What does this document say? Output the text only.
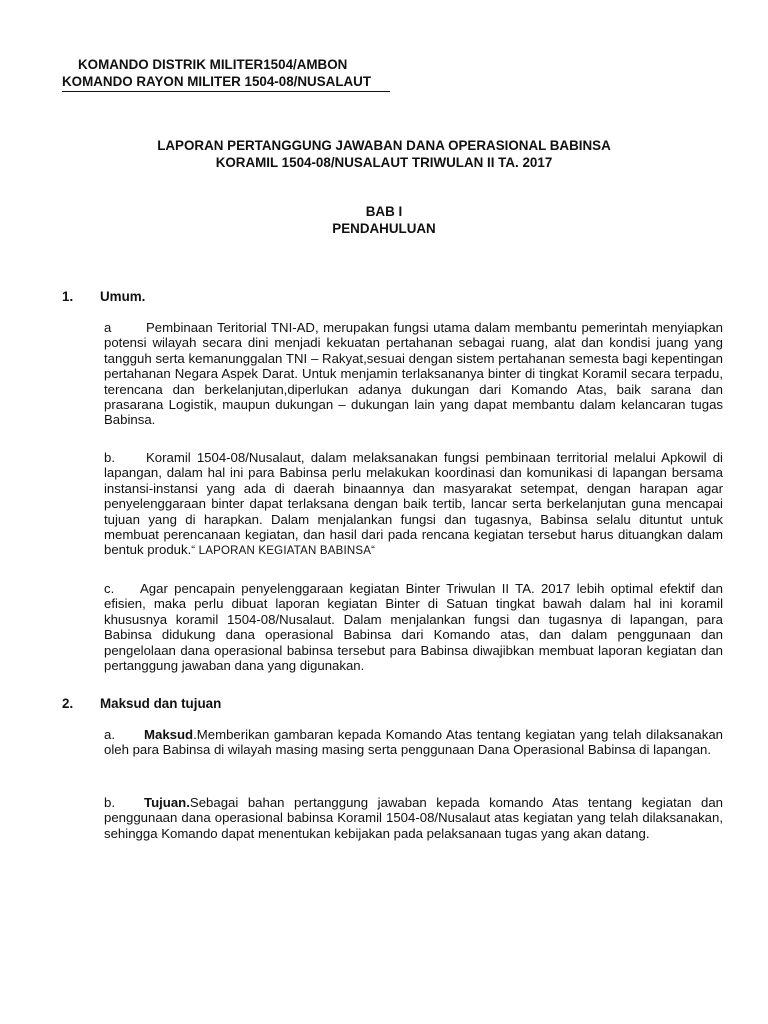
KOMANDO DISTRIK MILITER1504/AMBON
KOMANDO RAYON MILITER 1504-08/NUSALAUT
LAPORAN PERTANGGUNG JAWABAN DANA OPERASIONAL BABINSA
KORAMIL 1504-08/NUSALAUT TRIWULAN II TA. 2017
BAB I
PENDAHULUAN
1. Umum.
a	Pembinaan Teritorial TNI-AD, merupakan fungsi utama dalam membantu pemerintah menyiapkan potensi wilayah secara dini menjadi kekuatan pertahanan sebagai ruang, alat dan kondisi juang yang tangguh serta kemanunggalan TNI – Rakyat,sesuai dengan sistem pertahanan semesta bagi kepentingan pertahanan Negara Aspek Darat. Untuk menjamin terlaksananya binter di tingkat Koramil secara terpadu, terencana dan berkelanjutan,diperlukan adanya dukungan dari Komando Atas, baik sarana dan prasarana Logistik, maupun dukungan – dukungan lain yang dapat membantu dalam kelancaran tugas Babinsa.
b. Koramil 1504-08/Nusalaut, dalam melaksanakan fungsi pembinaan territorial melalui Apkowil di lapangan, dalam hal ini para Babinsa perlu melakukan koordinasi dan komunikasi di lapangan bersama instansi-instansi yang ada di daerah binaannya dan masyarakat setempat, dengan harapan agar penyelenggaraan binter dapat terlaksana dengan baik tertib, lancar serta berkelanjutan guna mencapai tujuan yang di harapkan. Dalam menjalankan fungsi dan tugasnya, Babinsa selalu dituntut untuk membuat perencanaan kegiatan, dan hasil dari pada rencana kegiatan tersebut harus dituangkan dalam bentuk produk.“ LAPORAN KEGIATAN BABINSA“
c. Agar pencapain penyelenggaraan kegiatan Binter Triwulan II TA. 2017 lebih optimal efektif dan efisien, maka perlu dibuat laporan kegiatan Binter di Satuan tingkat bawah dalam hal ini koramil khususnya koramil 1504-08/Nusalaut. Dalam menjalankan fungsi dan tugasnya di lapangan, para Babinsa didukung dana operasional Babinsa dari Komando atas, dan dalam penggunaan dan pengelolaan dana operasional babinsa tersebut para Babinsa diwajibkan membuat laporan kegiatan dan pertanggung jawaban dana yang digunakan.
2. Maksud dan tujuan
a. Maksud.Memberikan gambaran kepada Komando Atas tentang kegiatan yang telah dilaksanakan oleh para Babinsa di wilayah masing masing serta penggunaan Dana Operasional Babinsa di lapangan.
b. Tujuan.Sebagai bahan pertanggung jawaban kepada komando Atas tentang kegiatan dan penggunaan dana operasional babinsa Koramil 1504-08/Nusalaut atas kegiatan yang telah dilaksanakan, sehingga Komando dapat menentukan kebijakan pada pelaksanaan tugas yang akan datang.
